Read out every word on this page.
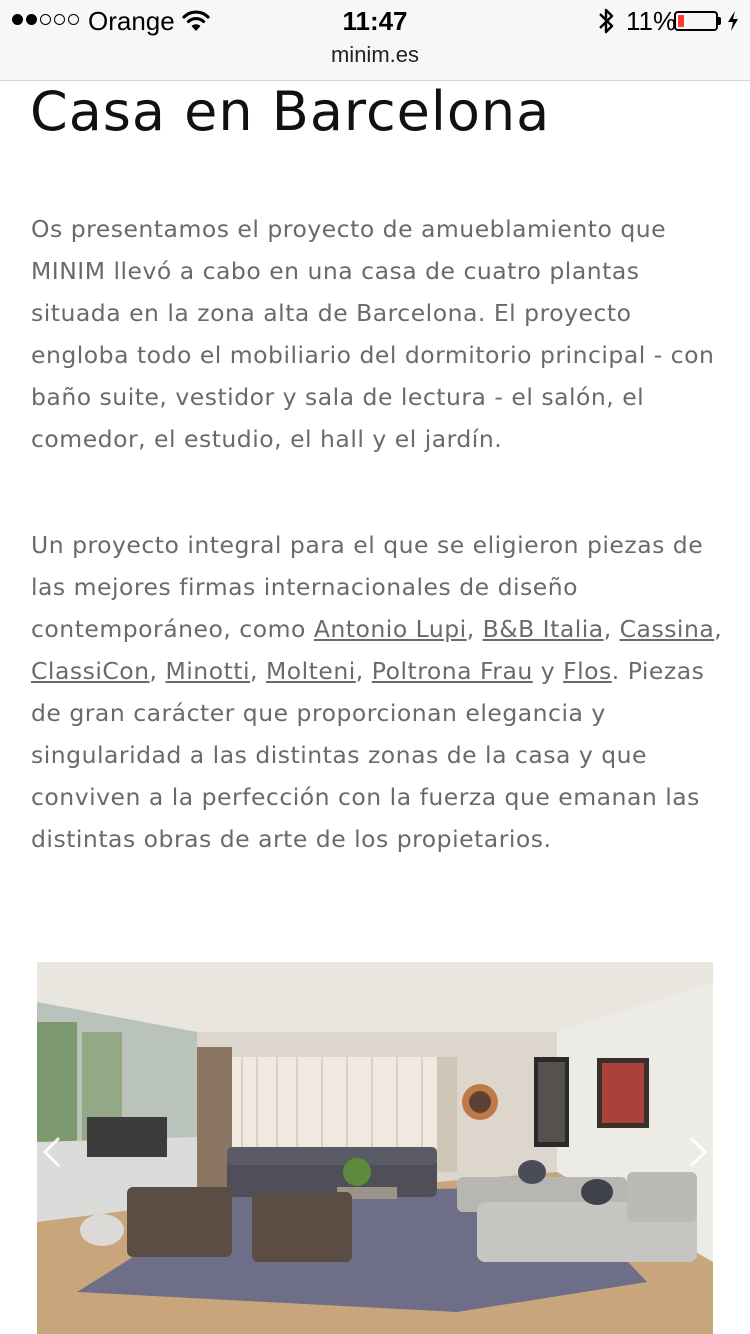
Orange	11:47	11%
minim.es
Casa en Barcelona

Os presentamos el proyecto de amueblamiento que MINIM llevó a cabo en una casa de cuatro plantas situada en la zona alta de Barcelona. El proyecto engloba todo el mobiliario del dormitorio principal - con baño suite, vestidor y sala de lectura - el salón, el comedor, el estudio, el hall y el jardín.

Un proyecto integral para el que se eligieron piezas de las mejores firmas internacionales de diseño contemporáneo, como Antonio Lupi, B&B Italia, Cassina, ClassiCon, Minotti, Molteni, Poltrona Frau y Flos. Piezas de gran carácter que proporcionan elegancia y singularidad a las distintas zonas de la casa y que conviven a la perfección con la fuerza que emanan las distintas obras de arte de los propietarios.
